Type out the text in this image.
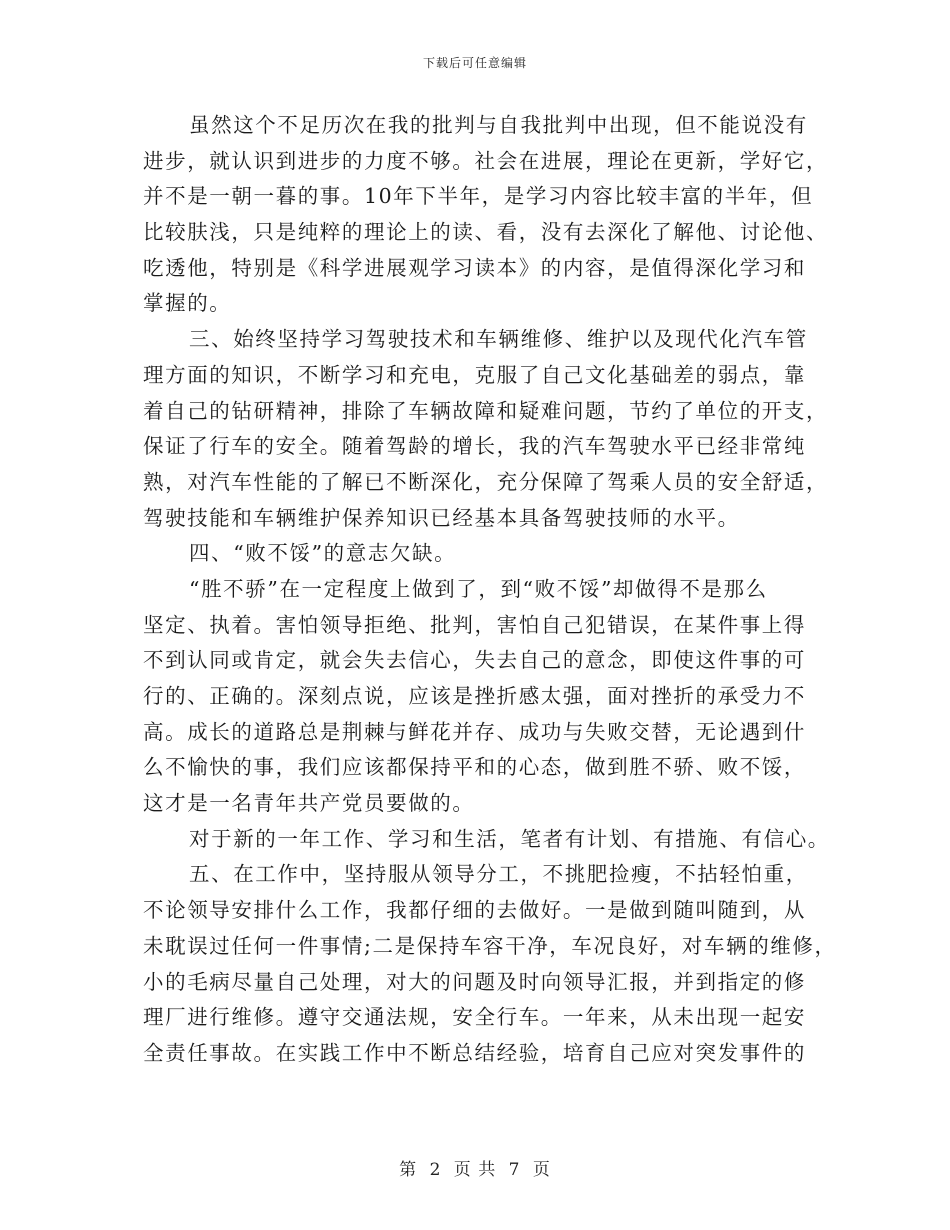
下载后可任意编辑
虽然这个不足历次在我的批判与自我批判中出现，但不能说没有
进步，就认识到进步的力度不够。社会在进展，理论在更新，学好它，
并不是一朝一暮的事。10年下半年，是学习内容比较丰富的半年，但
比较肤浅，只是纯粹的理论上的读、看，没有去深化了解他、讨论他、
吃透他，特别是《科学进展观学习读本》的内容，是值得深化学习和
掌握的。
三、始终坚持学习驾驶技术和车辆维修、维护以及现代化汽车管
理方面的知识，不断学习和充电，克服了自己文化基础差的弱点，靠
着自己的钻研精神，排除了车辆故障和疑难问题，节约了单位的开支，
保证了行车的安全。随着驾龄的增长，我的汽车驾驶水平已经非常纯
熟，对汽车性能的了解已不断深化，充分保障了驾乘人员的安全舒适，
驾驶技能和车辆维护保养知识已经基本具备驾驶技师的水平。
四、“败不馁”的意志欠缺。
“胜不骄”在一定程度上做到了，到“败不馁”却做得不是那么
坚定、执着。害怕领导拒绝、批判，害怕自己犯错误，在某件事上得
不到认同或肯定，就会失去信心，失去自己的意念，即使这件事的可
行的、正确的。深刻点说，应该是挫折感太强，面对挫折的承受力不
高。成长的道路总是荆棘与鲜花并存、成功与失败交替，无论遇到什
么不愉快的事，我们应该都保持平和的心态，做到胜不骄、败不馁，
这才是一名青年共产党员要做的。
对于新的一年工作、学习和生活，笔者有计划、有措施、有信心。
五、在工作中，坚持服从领导分工，不挑肥捡瘦，不拈轻怕重，
不论领导安排什么工作，我都仔细的去做好。一是做到随叫随到，从
未耽误过任何一件事情;二是保持车容干净，车况良好，对车辆的维修，
小的毛病尽量自己处理，对大的问题及时向领导汇报，并到指定的修
理厂进行维修。遵守交通法规，安全行车。一年来，从未出现一起安
全责任事故。在实践工作中不断总结经验，培育自己应对突发事件的
第 2 页 共 7 页
